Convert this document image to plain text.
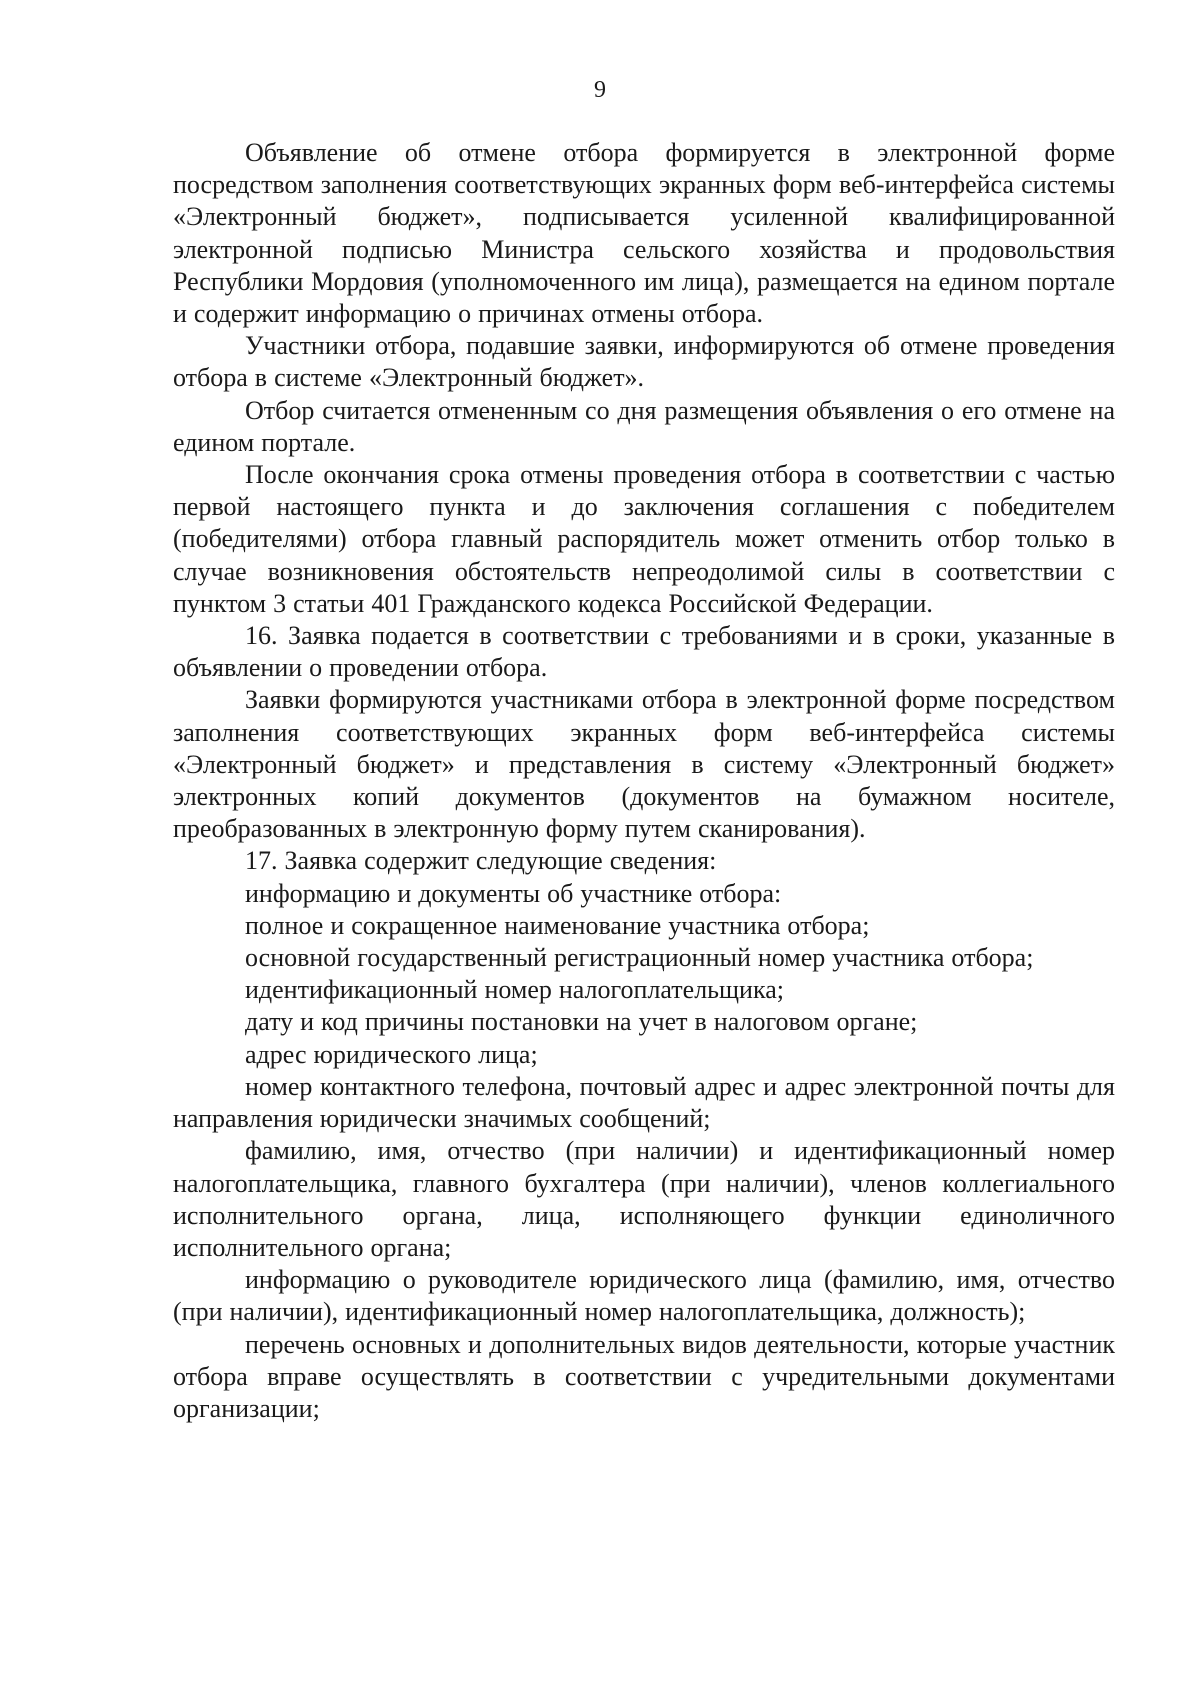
9

Объявление об отмене отбора формируется в электронной форме посредством заполнения соответствующих экранных форм веб-интерфейса системы «Электронный бюджет», подписывается усиленной квалифицированной электронной подписью Министра сельского хозяйства и продовольствия Республики Мордовия (уполномоченного им лица), размещается на едином портале и содержит информацию о причинах отмены отбора.

Участники отбора, подавшие заявки, информируются об отмене проведения отбора в системе «Электронный бюджет».

Отбор считается отмененным со дня размещения объявления о его отмене на едином портале.

После окончания срока отмены проведения отбора в соответствии с частью первой настоящего пункта и до заключения соглашения с победителем (победителями) отбора главный распорядитель может отменить отбор только в случае возникновения обстоятельств непреодолимой силы в соответствии с пунктом 3 статьи 401 Гражданского кодекса Российской Федерации.

16. Заявка подается в соответствии с требованиями и в сроки, указанные в объявлении о проведении отбора.

Заявки формируются участниками отбора в электронной форме посредством заполнения соответствующих экранных форм веб-интерфейса системы «Электронный бюджет» и представления в систему «Электронный бюджет» электронных копий документов (документов на бумажном носителе, преобразованных в электронную форму путем сканирования).

17. Заявка содержит следующие сведения:

информацию и документы об участнике отбора:

полное и сокращенное наименование участника отбора;

основной государственный регистрационный номер участника отбора;

идентификационный номер налогоплательщика;

дату и код причины постановки на учет в налоговом органе;

адрес юридического лица;

номер контактного телефона, почтовый адрес и адрес электронной почты для направления юридически значимых сообщений;

фамилию, имя, отчество (при наличии) и идентификационный номер налогоплательщика, главного бухгалтера (при наличии), членов коллегиального исполнительного органа, лица, исполняющего функции единоличного исполнительного органа;

информацию о руководителе юридического лица (фамилию, имя, отчество (при наличии), идентификационный номер налогоплательщика, должность);

перечень основных и дополнительных видов деятельности, которые участник отбора вправе осуществлять в соответствии с учредительными документами организации;
